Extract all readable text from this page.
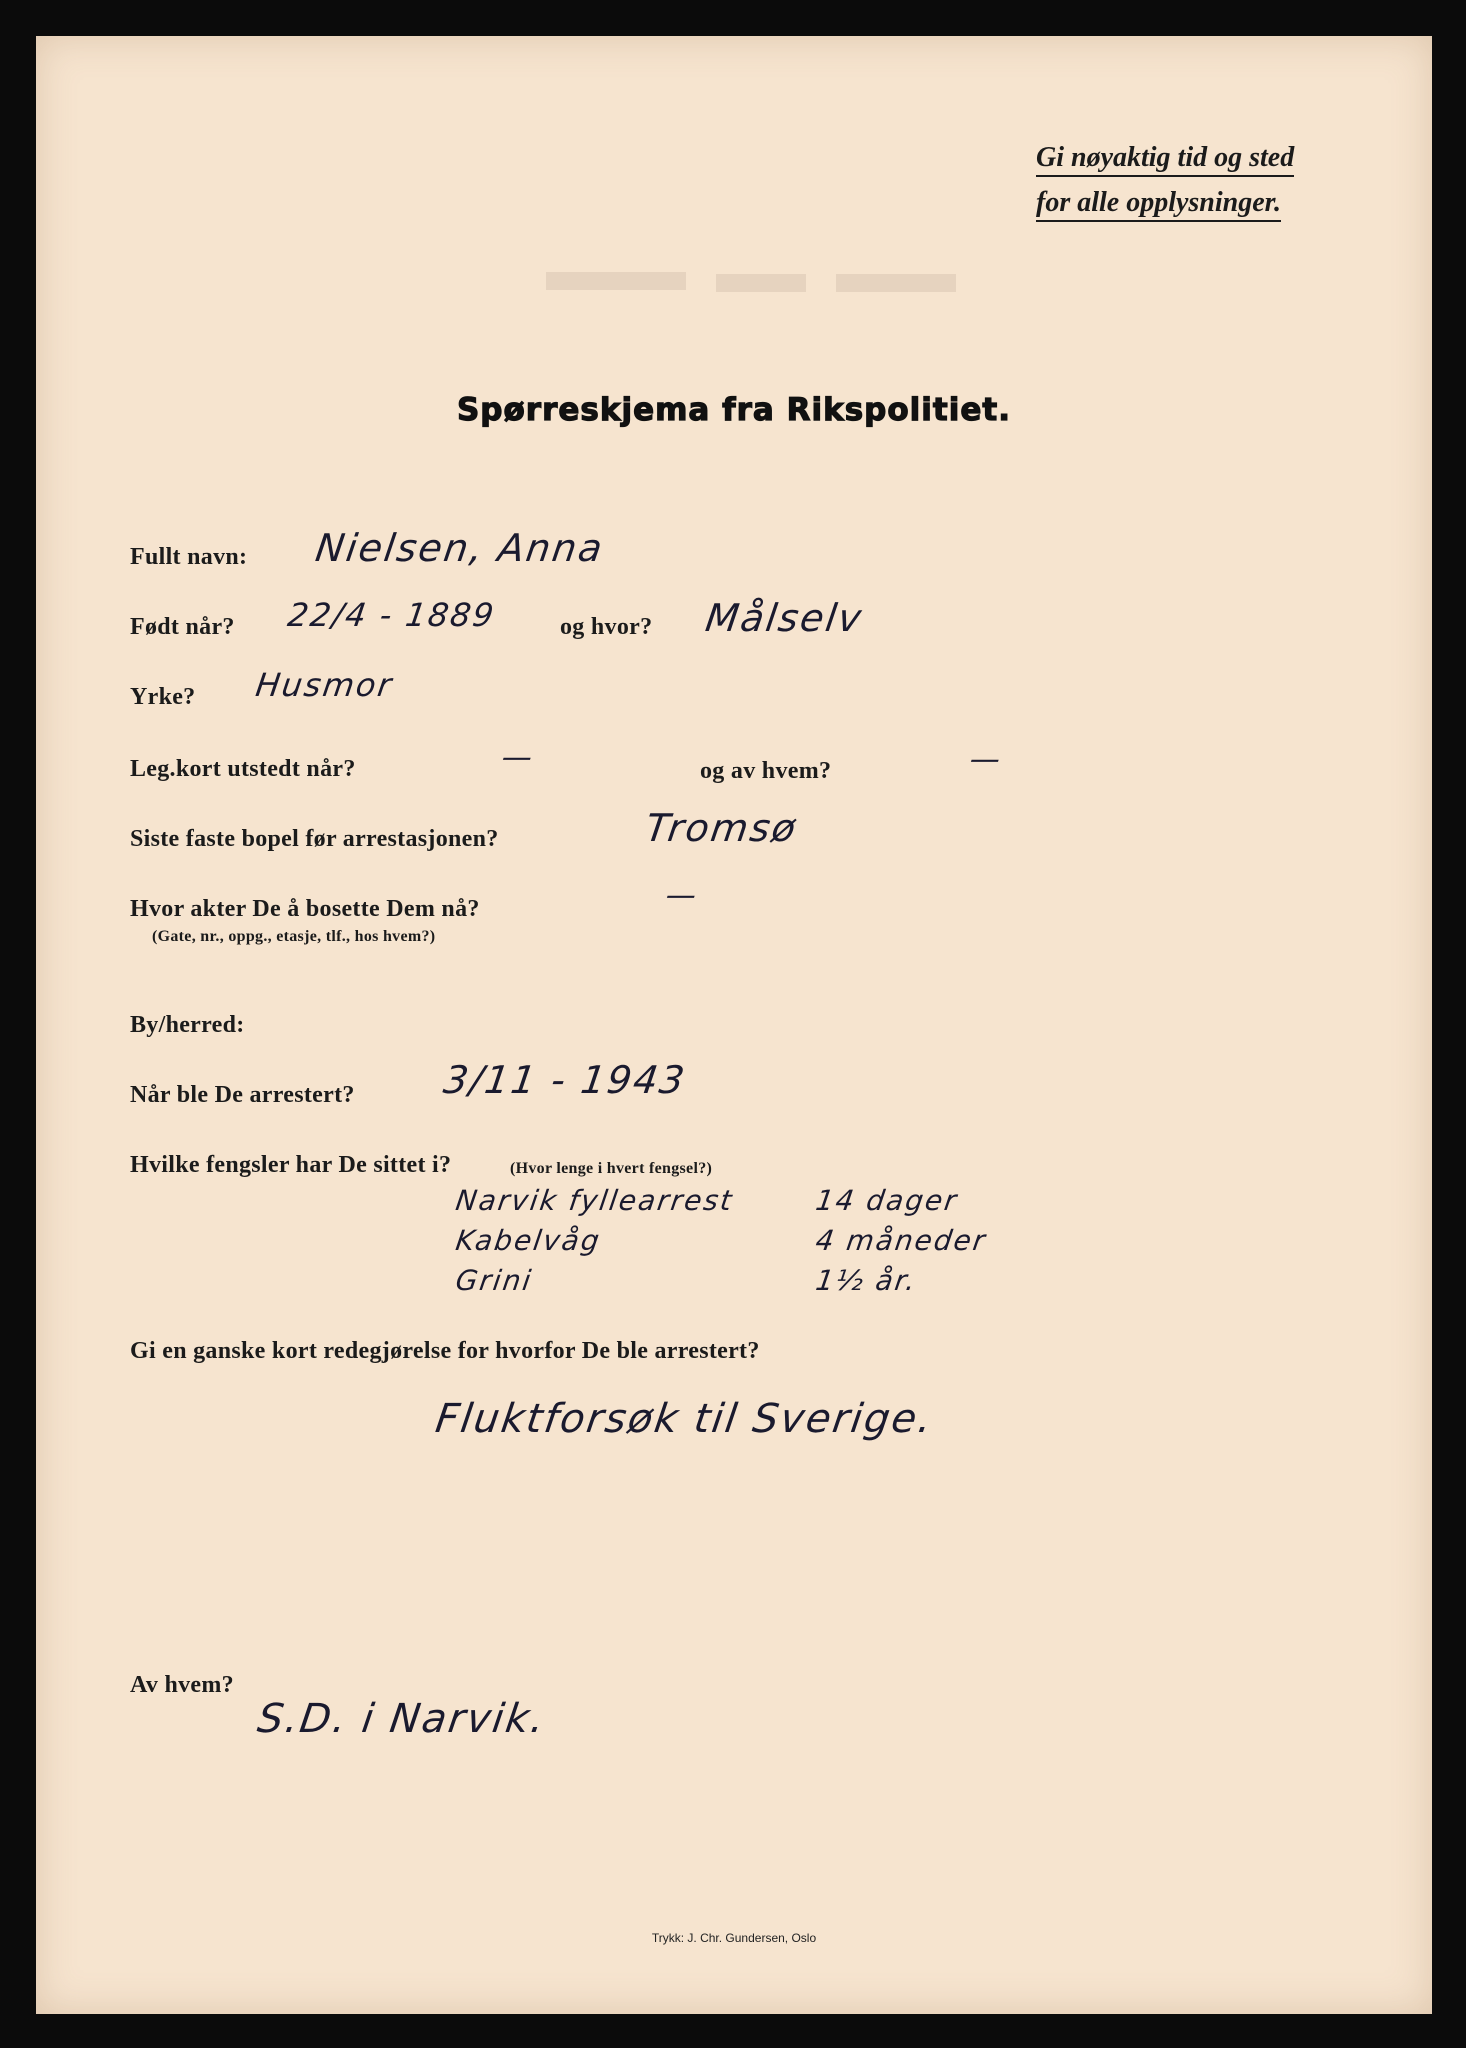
Gi nøyaktig tid og sted
for alle opplysninger.
Spørreskjema fra Rikspolitiet.
Fullt navn: Nielsen, Anna
Født når? 22/4 - 1889	og hvor? Målselv
Yrke? Husmor
Leg.kort utstedt når?	—	og av hvem?	—
Siste faste bopel før arrestasjonen?	Tromsø
Hvor akter De å bosette Dem nå?
(Gate, nr., oppg., etasje, tlf., hos hvem?)
—
By/herred:
Når ble De arrestert? 3/11 - 1943
Hvilke fengsler har De sittet i?	(Hvor lenge i hvert fengsel?)
Narvik fyllearrest	14 dager
Kabelvåg	4 måneder
Grini	1½ år.
Gi en ganske kort redegjørelse for hvorfor De ble arrestert?
Fluktforsøk til Sverige.
Av hvem?
S.D. i Narvik.
Trykk: J. Chr. Gundersen, Oslo
